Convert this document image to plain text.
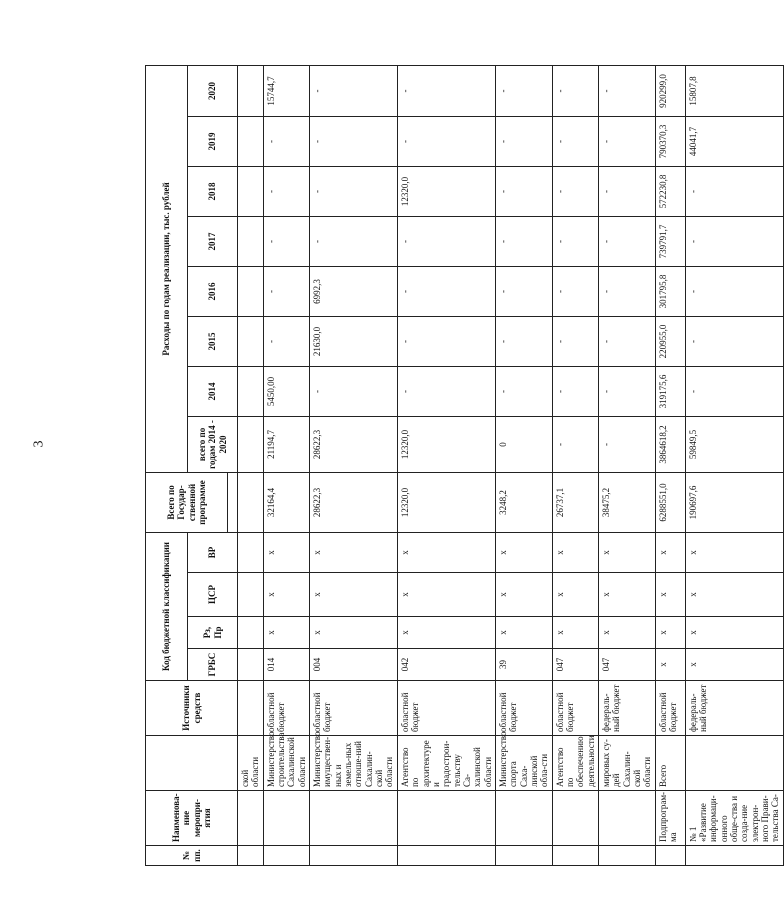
3
№ пп.	Наименова-ние меропри-ятия		Источники средств	Код бюджетной классификации				Всего по Государ-ственной программе	Расходы по годам реализации, тыс. рублей							
				ГРБС	Рз, Пр	ЦСР	ВР		всего по годам 2014 - 2020	2014	2015	2016	2017	2018	2019	2020

		ской области														
		Министерство строительства Сахалинской области	областной бюджет	014	х	х	х	32164,4	21194,7	5450,00	-	-	-	-	-	15744,7
		Министерство имуществен-ных и земель-ных отноше-ний Сахалин-ской области	областной бюджет	004	х	х	х	28622,3	28622,3	-	21630,0	6992,3	-	-	-	-
		Агентство по архитектуре и градострои-тельству Са-халинской области	областной бюджет	042	х	х	х	12320,0	12320,0	-	-	-	-	12320,0	-	-
		Министерство спорта Саха-линской обла-сти	областной бюджет	39	х	х	х	3248,2	0	-	-	-	-	-	-	-
		Агентство по обеспечению деятельности	областной бюджет	047	х	х	х	26737,1	-	-	-	-	-	-	-	-
		мировых су-дей Сахалин-ской области	федераль-ный бюджет	047	х	х	х	38475,2	-	-	-	-	-	-	-	-
	Подпрограм-ма	Всего	областной бюджет	х	х	х	х	6288551,0	3864618,2	319175,6	220955,0	301795,8	739791,7	572230,8	790370,3	920299,0
	№ 1 «Развитие информаци-онного обще-ства и созда-ние электрон-ного Прави-тельства Са-		федераль-ный бюджет	х	х	х	х	190697,6	59849,5	-	-	-	-	-	44041,7	15807,8
